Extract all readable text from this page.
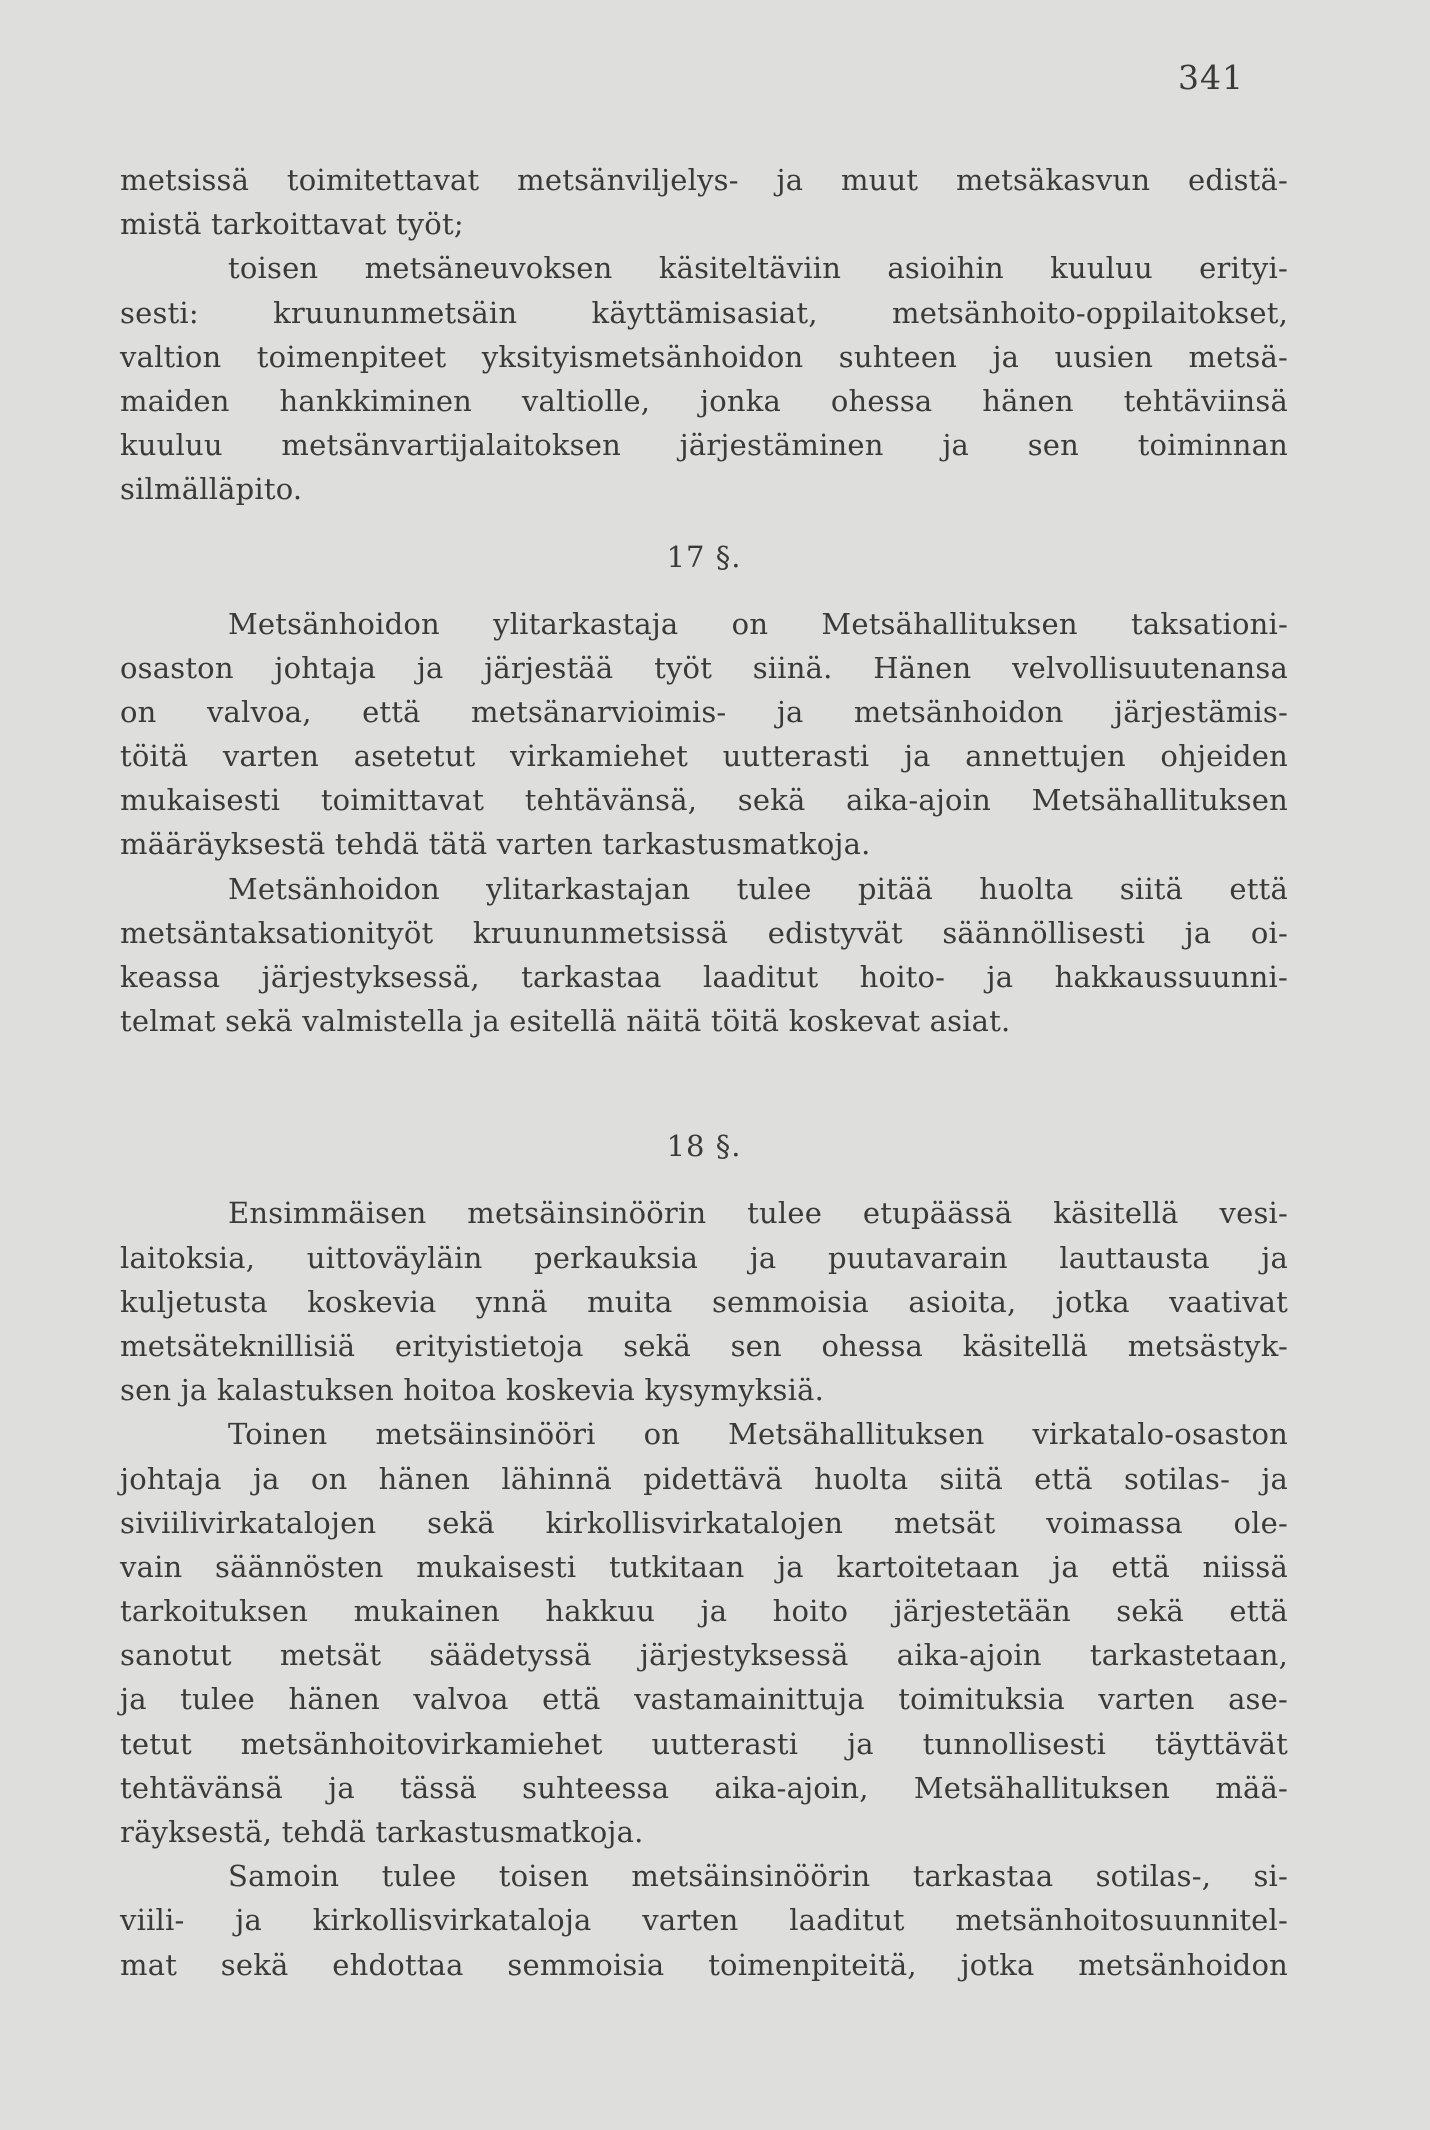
341
metsissä toimitettavat metsänviljelys- ja muut metsäkasvun edistä-
mistä tarkoittavat työt;
toisen metsäneuvoksen käsiteltäviin asioihin kuuluu erityi-
sesti: kruununmetsäin käyttämisasiat, metsänhoito-oppilaitokset,
valtion toimenpiteet yksityismetsänhoidon suhteen ja uusien metsä-
maiden hankkiminen valtiolle, jonka ohessa hänen tehtäviinsä
kuuluu metsänvartijalaitoksen järjestäminen ja sen toiminnan
silmälläpito.
17 §.
Metsänhoidon ylitarkastaja on Metsähallituksen taksationi-
osaston johtaja ja järjestää työt siinä. Hänen velvollisuutenansa
on valvoa, että metsänarvioimis- ja metsänhoidon järjestämis-
töitä varten asetetut virkamiehet uutterasti ja annettujen ohjeiden
mukaisesti toimittavat tehtävänsä, sekä aika-ajoin Metsähallituksen
määräyksestä tehdä tätä varten tarkastusmatkoja.
Metsänhoidon ylitarkastajan tulee pitää huolta siitä että
metsäntaksationityöt kruununmetsissä edistyvät säännöllisesti ja oi-
keassa järjestyksessä, tarkastaa laaditut hoito- ja hakkaussuunni-
telmat sekä valmistella ja esitellä näitä töitä koskevat asiat.
18 §.
Ensimmäisen metsäinsinöörin tulee etupäässä käsitellä vesi-
laitoksia, uittoväyläin perkauksia ja puutavarain lauttausta ja
kuljetusta koskevia ynnä muita semmoisia asioita, jotka vaativat
metsäteknillisiä erityistietoja sekä sen ohessa käsitellä metsästyk-
sen ja kalastuksen hoitoa koskevia kysymyksiä.
Toinen metsäinsinööri on Metsähallituksen virkatalo-osaston
johtaja ja on hänen lähinnä pidettävä huolta siitä että sotilas- ja
siviilivirkatalojen sekä kirkollisvirkatalojen metsät voimassa ole-
vain säännösten mukaisesti tutkitaan ja kartoitetaan ja että niissä
tarkoituksen mukainen hakkuu ja hoito järjestetään sekä että
sanotut metsät säädetyssä järjestyksessä aika-ajoin tarkastetaan,
ja tulee hänen valvoa että vastamainittuja toimituksia varten ase-
tetut metsänhoitovirkamiehet uutterasti ja tunnollisesti täyttävät
tehtävänsä ja tässä suhteessa aika-ajoin, Metsähallituksen mää-
räyksestä, tehdä tarkastusmatkoja.
Samoin tulee toisen metsäinsinöörin tarkastaa sotilas-, si-
viili- ja kirkollisvirkataloja varten laaditut metsänhoitosuunnitel-
mat sekä ehdottaa semmoisia toimenpiteitä, jotka metsänhoidon
